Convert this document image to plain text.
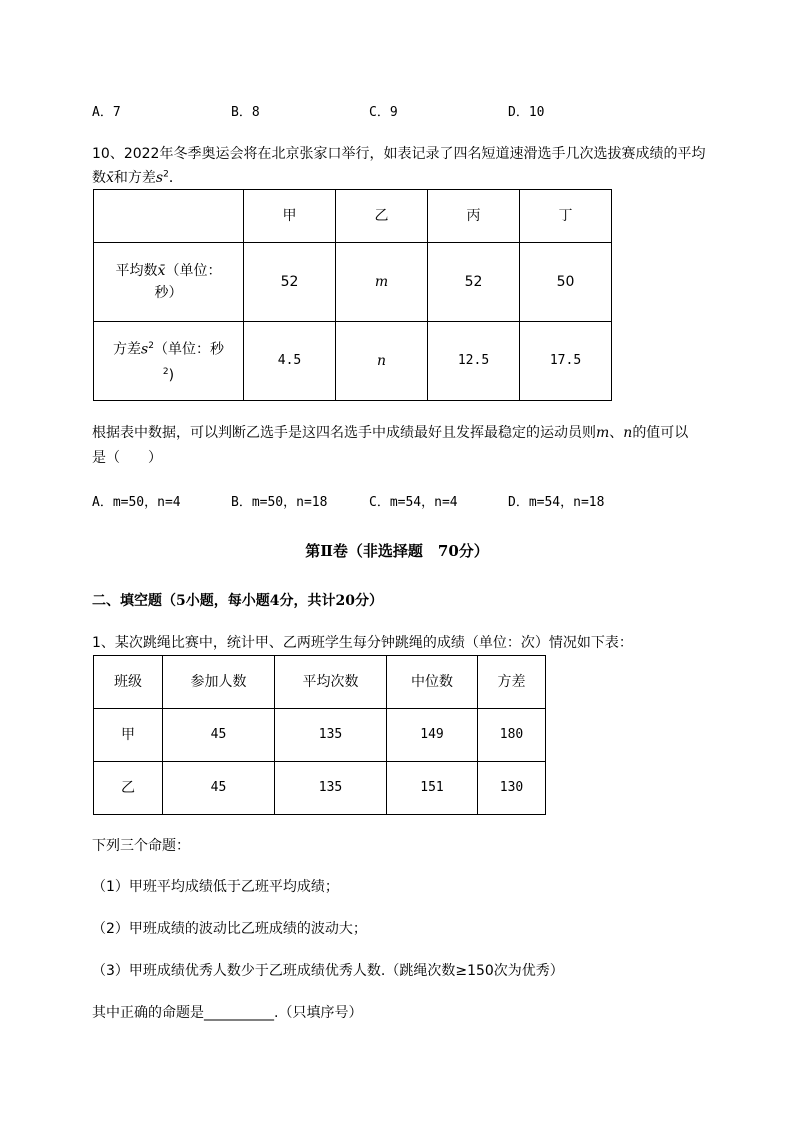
A．7	B．8	C．9	D．10
10、2022年冬季奥运会将在北京张家口举行，如表记录了四名短道速滑选手几次选拔赛成绩的平均
数x̄和方差$s^2$．
	甲	乙	丙	丁
平均数x̄（单位：
秒）	52	m	52	50
方差$s^2$（单位：秒
$^2$)	4.5	n	12.5	17.5
根据表中数据，可以判断乙选手是这四名选手中成绩最好且发挥最稳定的运动员则m、n的值可以
是（　　）
A．m=50，n=4	B．m=50，n=18	C．m=54，n=4	D．m=54，n=18
第Ⅱ卷（非选择题　70分）
二、填空题（5小题，每小题4分，共计20分）
1、某次跳绳比赛中，统计甲、乙两班学生每分钟跳绳的成绩（单位：次）情况如下表：
班级	参加人数	平均次数	中位数	方差
甲	45	135	149	180
乙	45	135	151	130
下列三个命题：
（1）甲班平均成绩低于乙班平均成绩；
（2）甲班成绩的波动比乙班成绩的波动大；
（3）甲班成绩优秀人数少于乙班成绩优秀人数.（跳绳次数≥150次为优秀）
其中正确的命题是__________.（只填序号）
